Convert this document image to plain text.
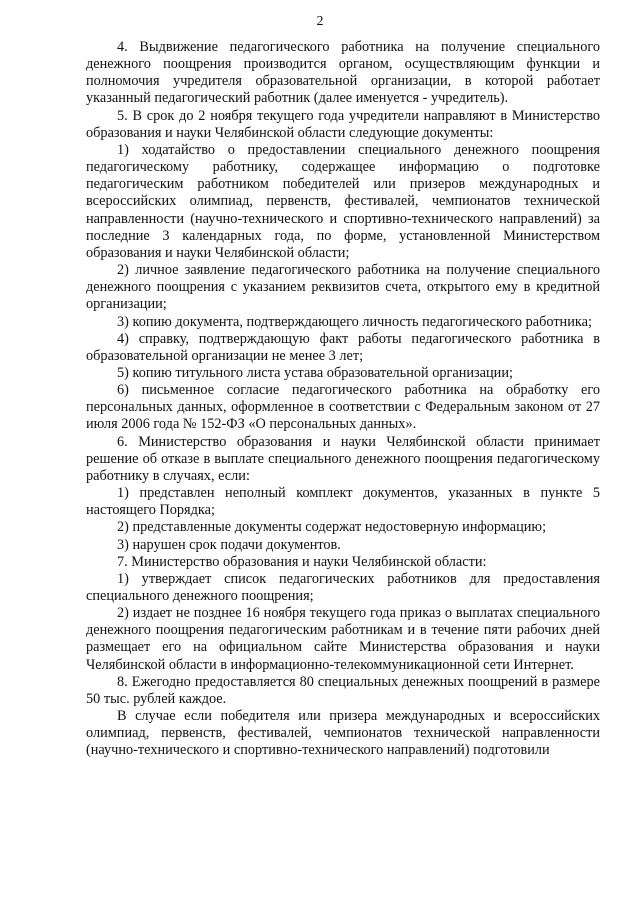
2

4. Выдвижение педагогического работника на получение специального денежного поощрения производится органом, осуществляющим функции и полномочия учредителя образовательной организации, в которой работает указанный педагогический работник (далее именуется - учредитель).

5. В срок до 2 ноября текущего года учредители направляют в Министерство образования и науки Челябинской области следующие документы:

1) ходатайство о предоставлении специального денежного поощрения педагогическому работнику, содержащее информацию о подготовке педагогическим работником победителей или призеров международных и всероссийских олимпиад, первенств, фестивалей, чемпионатов технической направленности (научно-технического и спортивно-технического направлений) за последние 3 календарных года, по форме, установленной Министерством образования и науки Челябинской области;

2) личное заявление педагогического работника на получение специального денежного поощрения с указанием реквизитов счета, открытого ему в кредитной организации;

3) копию документа, подтверждающего личность педагогического работника;

4) справку, подтверждающую факт работы педагогического работника в образовательной организации не менее 3 лет;

5) копию титульного листа устава образовательной организации;

6) письменное согласие педагогического работника на обработку его персональных данных, оформленное в соответствии с Федеральным законом от 27 июля 2006 года № 152-ФЗ «О персональных данных».

6. Министерство образования и науки Челябинской области принимает решение об отказе в выплате специального денежного поощрения педагогическому работнику в случаях, если:

1) представлен неполный комплект документов, указанных в пункте 5 настоящего Порядка;

2) представленные документы содержат недостоверную информацию;

3) нарушен срок подачи документов.

7. Министерство образования и науки Челябинской области:

1) утверждает список педагогических работников для предоставления специального денежного поощрения;

2) издает не позднее 16 ноября текущего года приказ о выплатах специального денежного поощрения педагогическим работникам и в течение пяти рабочих дней размещает его на официальном сайте Министерства образования и науки Челябинской области в информационно-телекоммуникационной сети Интернет.

8. Ежегодно предоставляется 80 специальных денежных поощрений в размере 50 тыс. рублей каждое.

В случае если победителя или призера международных и всероссийских олимпиад, первенств, фестивалей, чемпионатов технической направленности (научно-технического и спортивно-технического направлений) подготовили
